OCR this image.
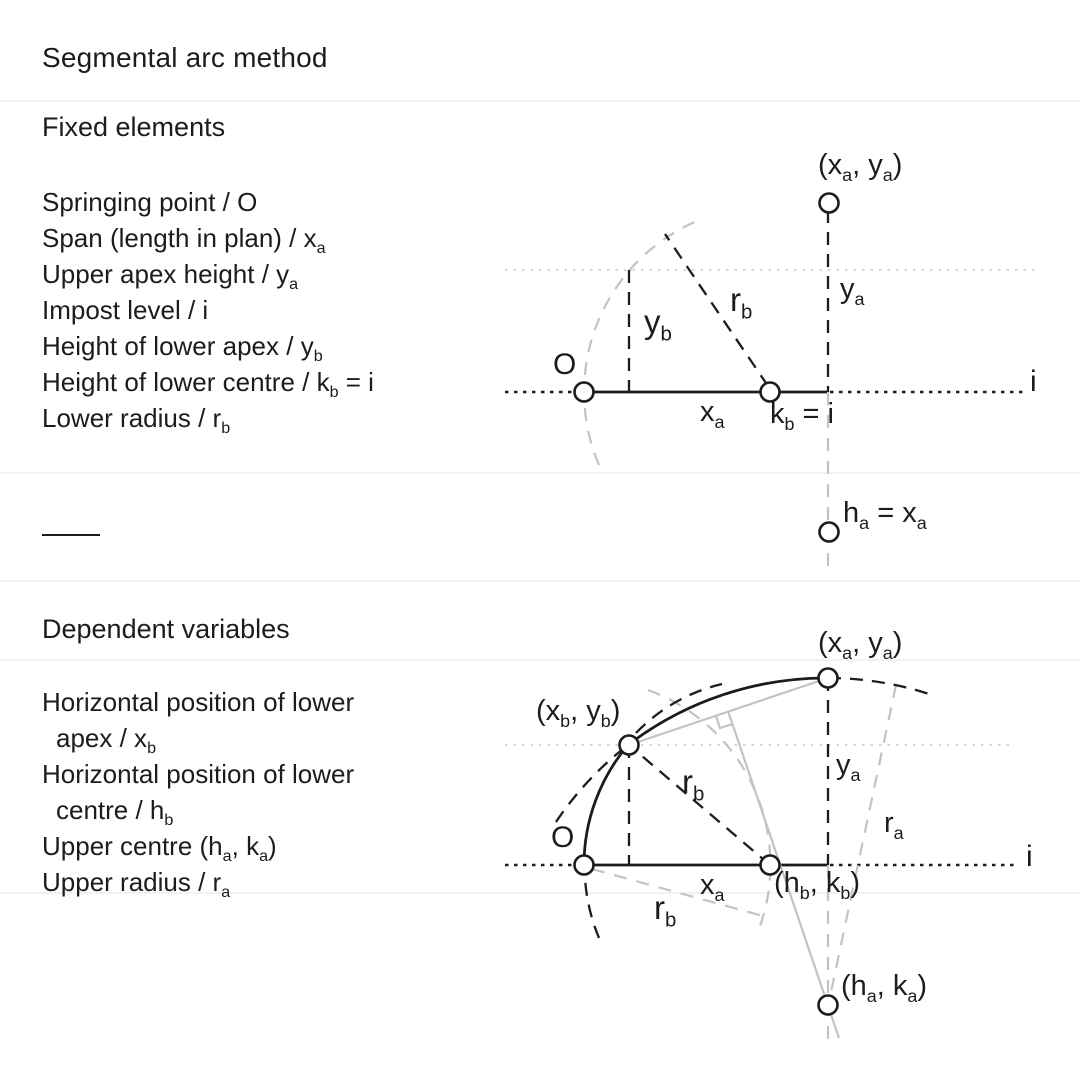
Segmental arc method
Fixed elements
Springing point / O
Span (length in plan) / $x_a$
Upper apex height / $y_a$
Impost level / i
Height of lower apex / $y_b$
Height of lower centre / $k_b = i$
Lower radius / $r_b$
Dependent variables
Horizontal position of lower
apex / $x_b$
Horizontal position of lower
centre / $h_b$
Upper centre ($h_a$, $k_a$)
Upper radius / $r_a$
($x_a$, $y_a$)
$y_a$
$r_b$
$y_b$
O
$x_a$ $k_b = i$
i
$h_a = x_a$
($x_a$, $y_a$)
($x_b$, $y_b$)
O
$r_b$
$y_a$
$r_a$
$x_a$ ($h_b$, $k_b$)
$r_b$
($h_a$, $k_a$)
i
